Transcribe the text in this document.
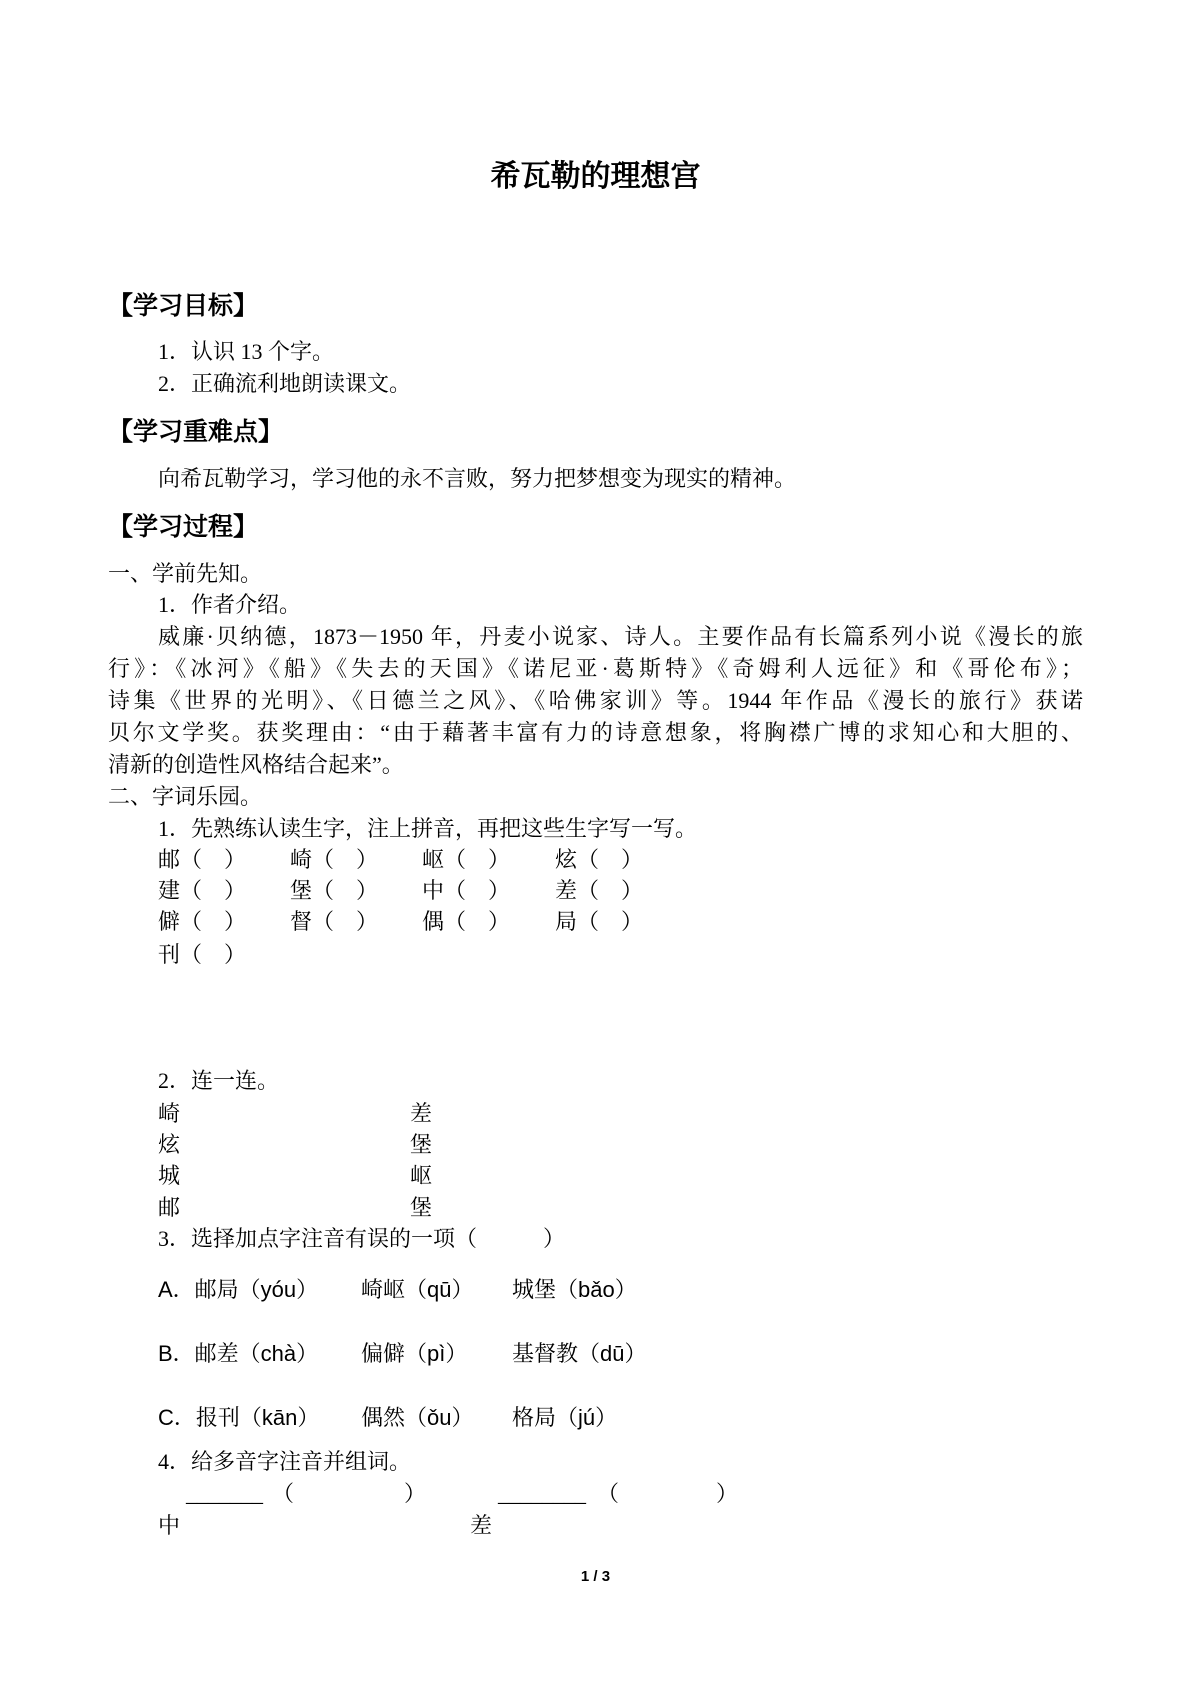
希瓦勒的理想宫
【学习目标】
1．认识 13 个字。
2．正确流利地朗读课文。
【学习重难点】
向希瓦勒学习，学习他的永不言败，努力把梦想变为现实的精神。
【学习过程】
一、学前先知。
1．作者介绍。
威廉·贝纳德，1873－1950 年，丹麦小说家、诗人。主要作品有长篇系列小说《漫长的旅
行》：《冰河》《船》《失去的天国》《诺尼亚·葛斯特》《奇姆利人远征》和《哥伦布》；
诗集《世界的光明》、《日德兰之风》、《哈佛家训》等。1944 年作品《漫长的旅行》获诺
贝尔文学奖。获奖理由：“由于藉著丰富有力的诗意想象，将胸襟广博的求知心和大胆的、
清新的创造性风格结合起来”。
二、字词乐园。
1．先熟练认读生字，注上拼音，再把这些生字写一写。
邮（　） 崎（　） 岖（　） 炫（　）
建（　） 堡（　） 中（　） 差（　）
僻（　） 督（　） 偶（　） 局（　）
刊（　）
2．连一连。
崎	差
炫	堡
城	岖
邮	堡
3．选择加点字注音有误的一项（　　　）
A．邮局（yóu） 崎岖（qū） 城堡（bǎo）
B．邮差（chà） 偏僻（pì） 基督教（dū）
C．报刊（kān） 偶然（ǒu） 格局（jú）
4．给多音字注音并组词。
_______ （ ）	________ （ ）
中	差
1 / 3
